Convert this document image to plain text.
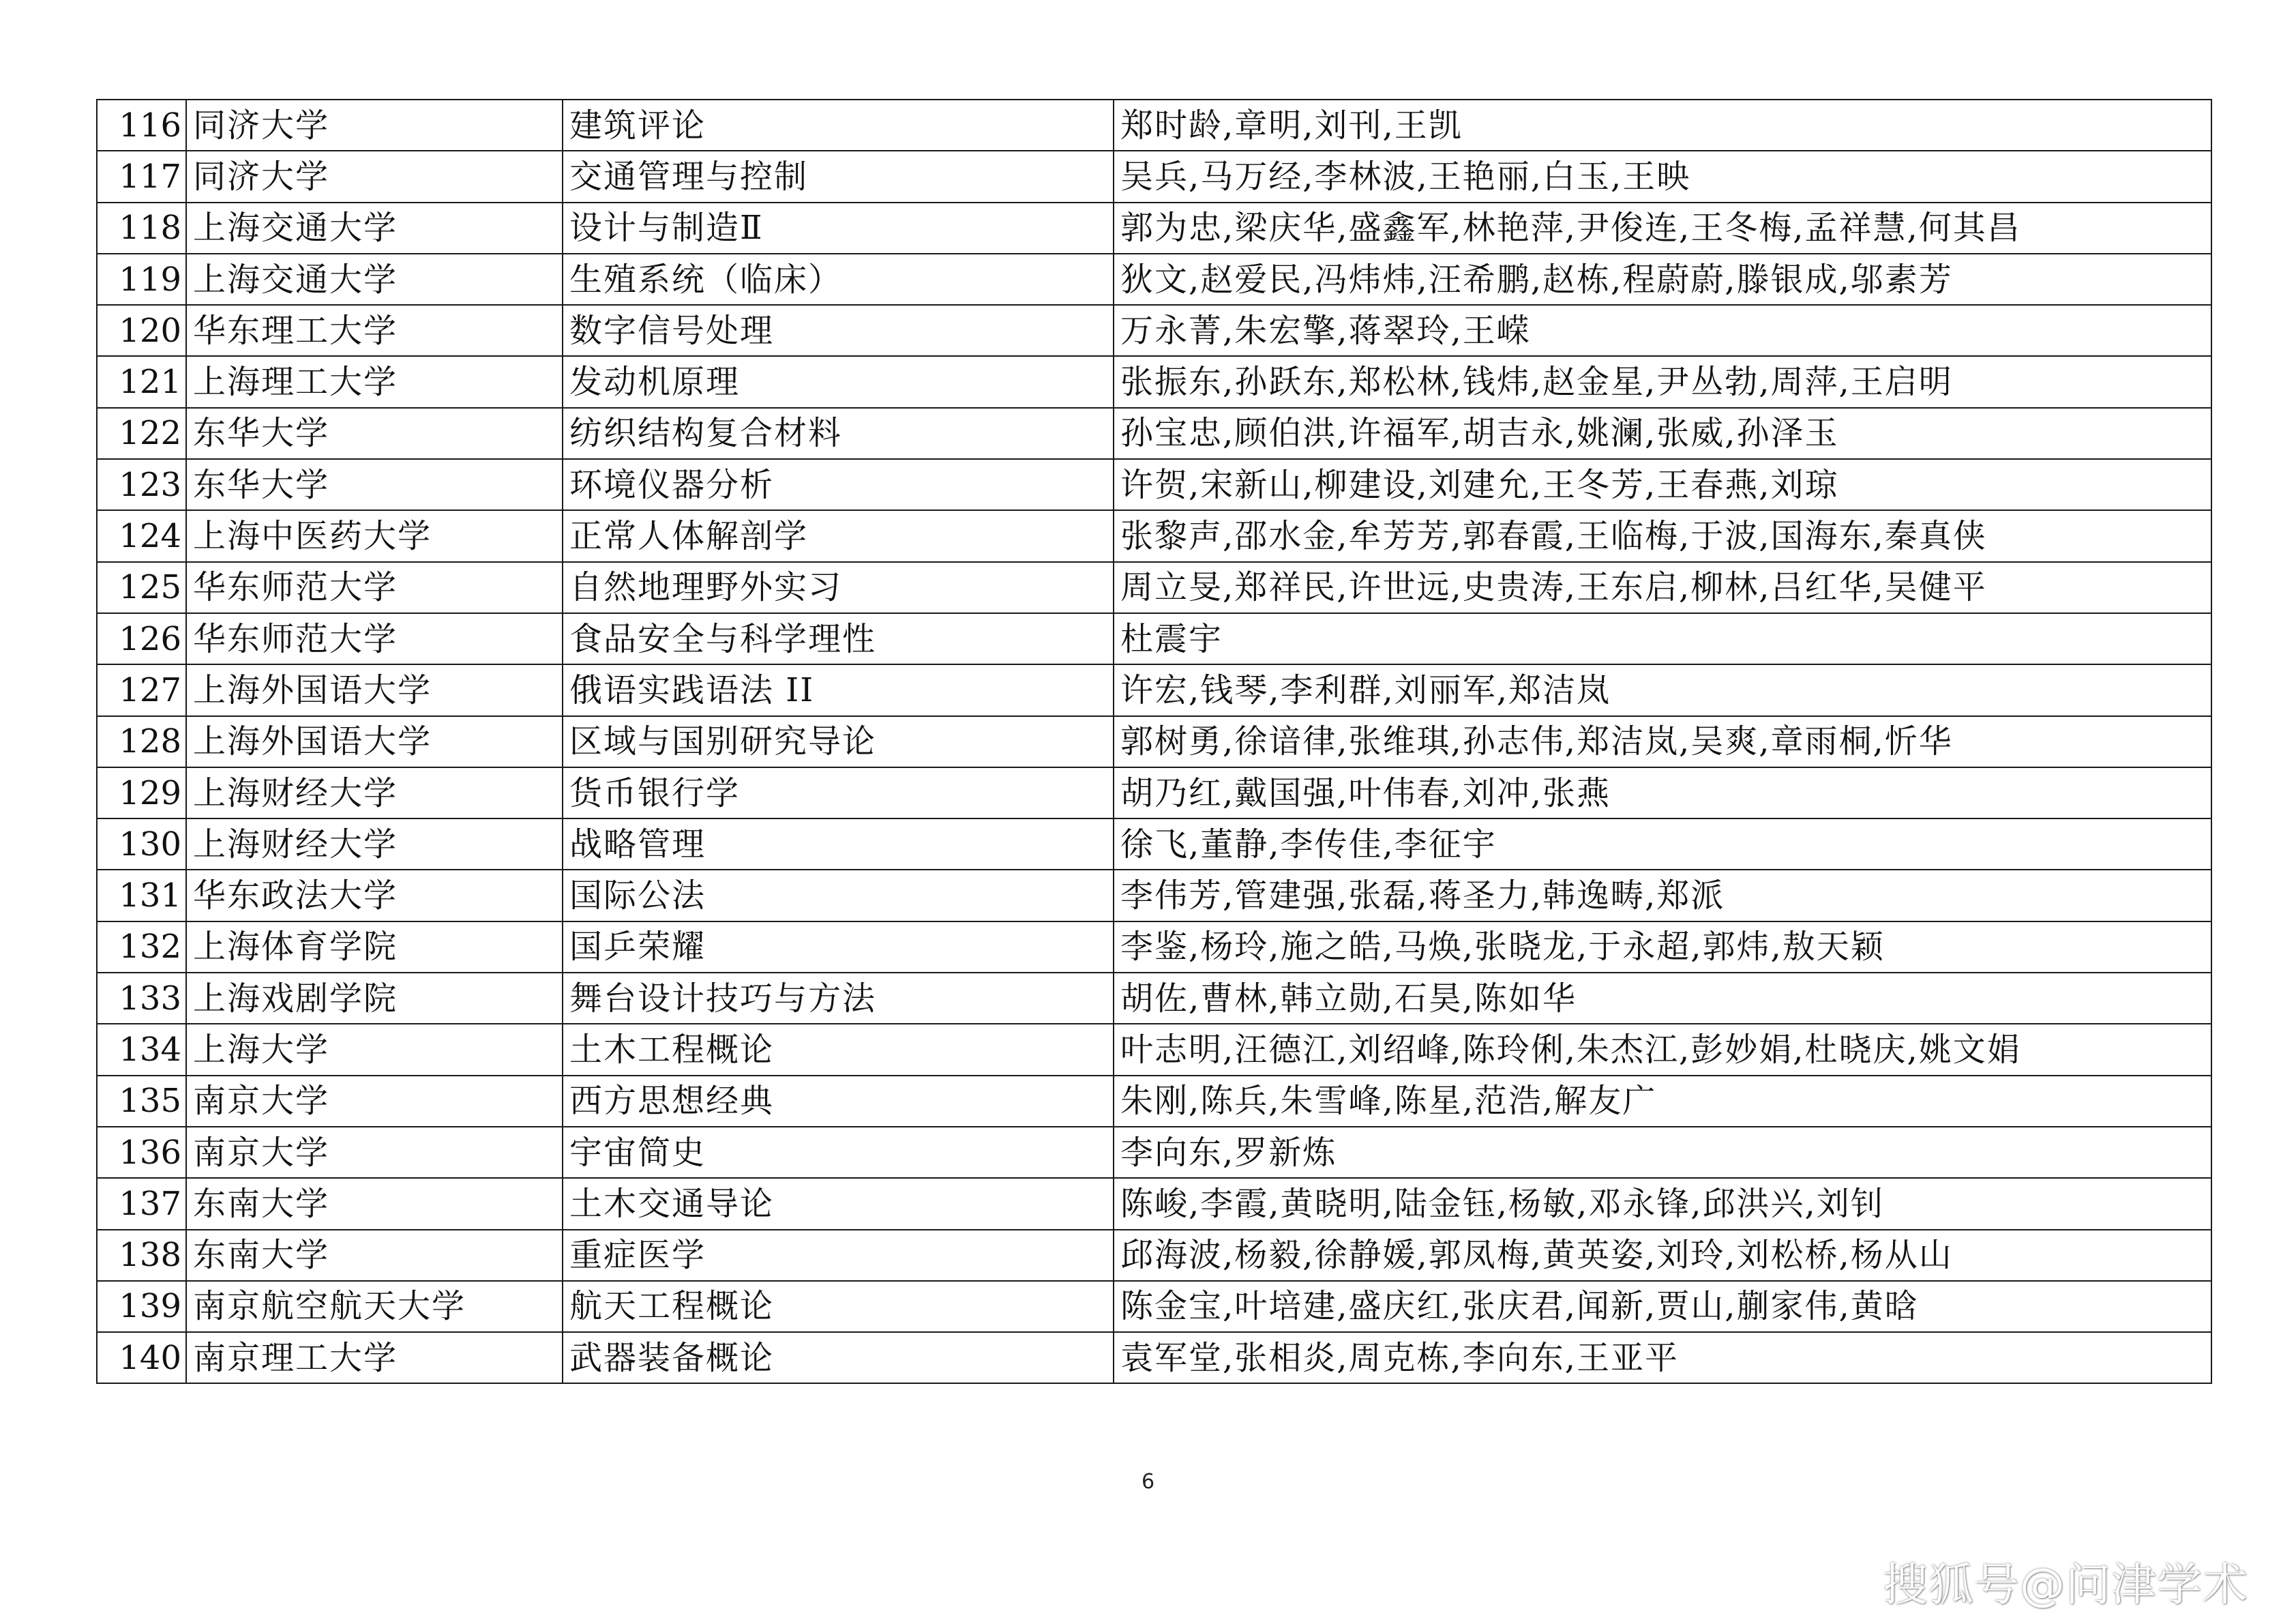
116	同济大学	建筑评论	郑时龄,章明,刘刊,王凯
117	同济大学	交通管理与控制	吴兵,马万经,李林波,王艳丽,白玉,王映
118	上海交通大学	设计与制造Ⅱ	郭为忠,梁庆华,盛鑫军,林艳萍,尹俊连,王冬梅,孟祥慧,何其昌
119	上海交通大学	生殖系统（临床）	狄文,赵爱民,冯炜炜,汪希鹏,赵栋,程蔚蔚,滕银成,邬素芳
120	华东理工大学	数字信号处理	万永菁,朱宏擎,蒋翠玲,王嵘
121	上海理工大学	发动机原理	张振东,孙跃东,郑松林,钱炜,赵金星,尹丛勃,周萍,王启明
122	东华大学	纺织结构复合材料	孙宝忠,顾伯洪,许福军,胡吉永,姚澜,张威,孙泽玉
123	东华大学	环境仪器分析	许贺,宋新山,柳建设,刘建允,王冬芳,王春燕,刘琼
124	上海中医药大学	正常人体解剖学	张黎声,邵水金,牟芳芳,郭春霞,王临梅,于波,国海东,秦真侠
125	华东师范大学	自然地理野外实习	周立旻,郑祥民,许世远,史贵涛,王东启,柳林,吕红华,吴健平
126	华东师范大学	食品安全与科学理性	杜震宇
127	上海外国语大学	俄语实践语法 II	许宏,钱琴,李利群,刘丽军,郑洁岚
128	上海外国语大学	区域与国别研究导论	郭树勇,徐谙律,张维琪,孙志伟,郑洁岚,吴爽,章雨桐,忻华
129	上海财经大学	货币银行学	胡乃红,戴国强,叶伟春,刘冲,张燕
130	上海财经大学	战略管理	徐飞,董静,李传佳,李征宇
131	华东政法大学	国际公法	李伟芳,管建强,张磊,蒋圣力,韩逸畴,郑派
132	上海体育学院	国乒荣耀	李鉴,杨玲,施之皓,马焕,张晓龙,于永超,郭炜,敖天颖
133	上海戏剧学院	舞台设计技巧与方法	胡佐,曹林,韩立勋,石昊,陈如华
134	上海大学	土木工程概论	叶志明,汪德江,刘绍峰,陈玲俐,朱杰江,彭妙娟,杜晓庆,姚文娟
135	南京大学	西方思想经典	朱刚,陈兵,朱雪峰,陈星,范浩,解友广
136	南京大学	宇宙简史	李向东,罗新炼
137	东南大学	土木交通导论	陈峻,李霞,黄晓明,陆金钰,杨敏,邓永锋,邱洪兴,刘钊
138	东南大学	重症医学	邱海波,杨毅,徐静媛,郭凤梅,黄英姿,刘玲,刘松桥,杨从山
139	南京航空航天大学	航天工程概论	陈金宝,叶培建,盛庆红,张庆君,闻新,贾山,蒯家伟,黄晗
140	南京理工大学	武器装备概论	袁军堂,张相炎,周克栋,李向东,王亚平
6
搜狐号@问津学术
